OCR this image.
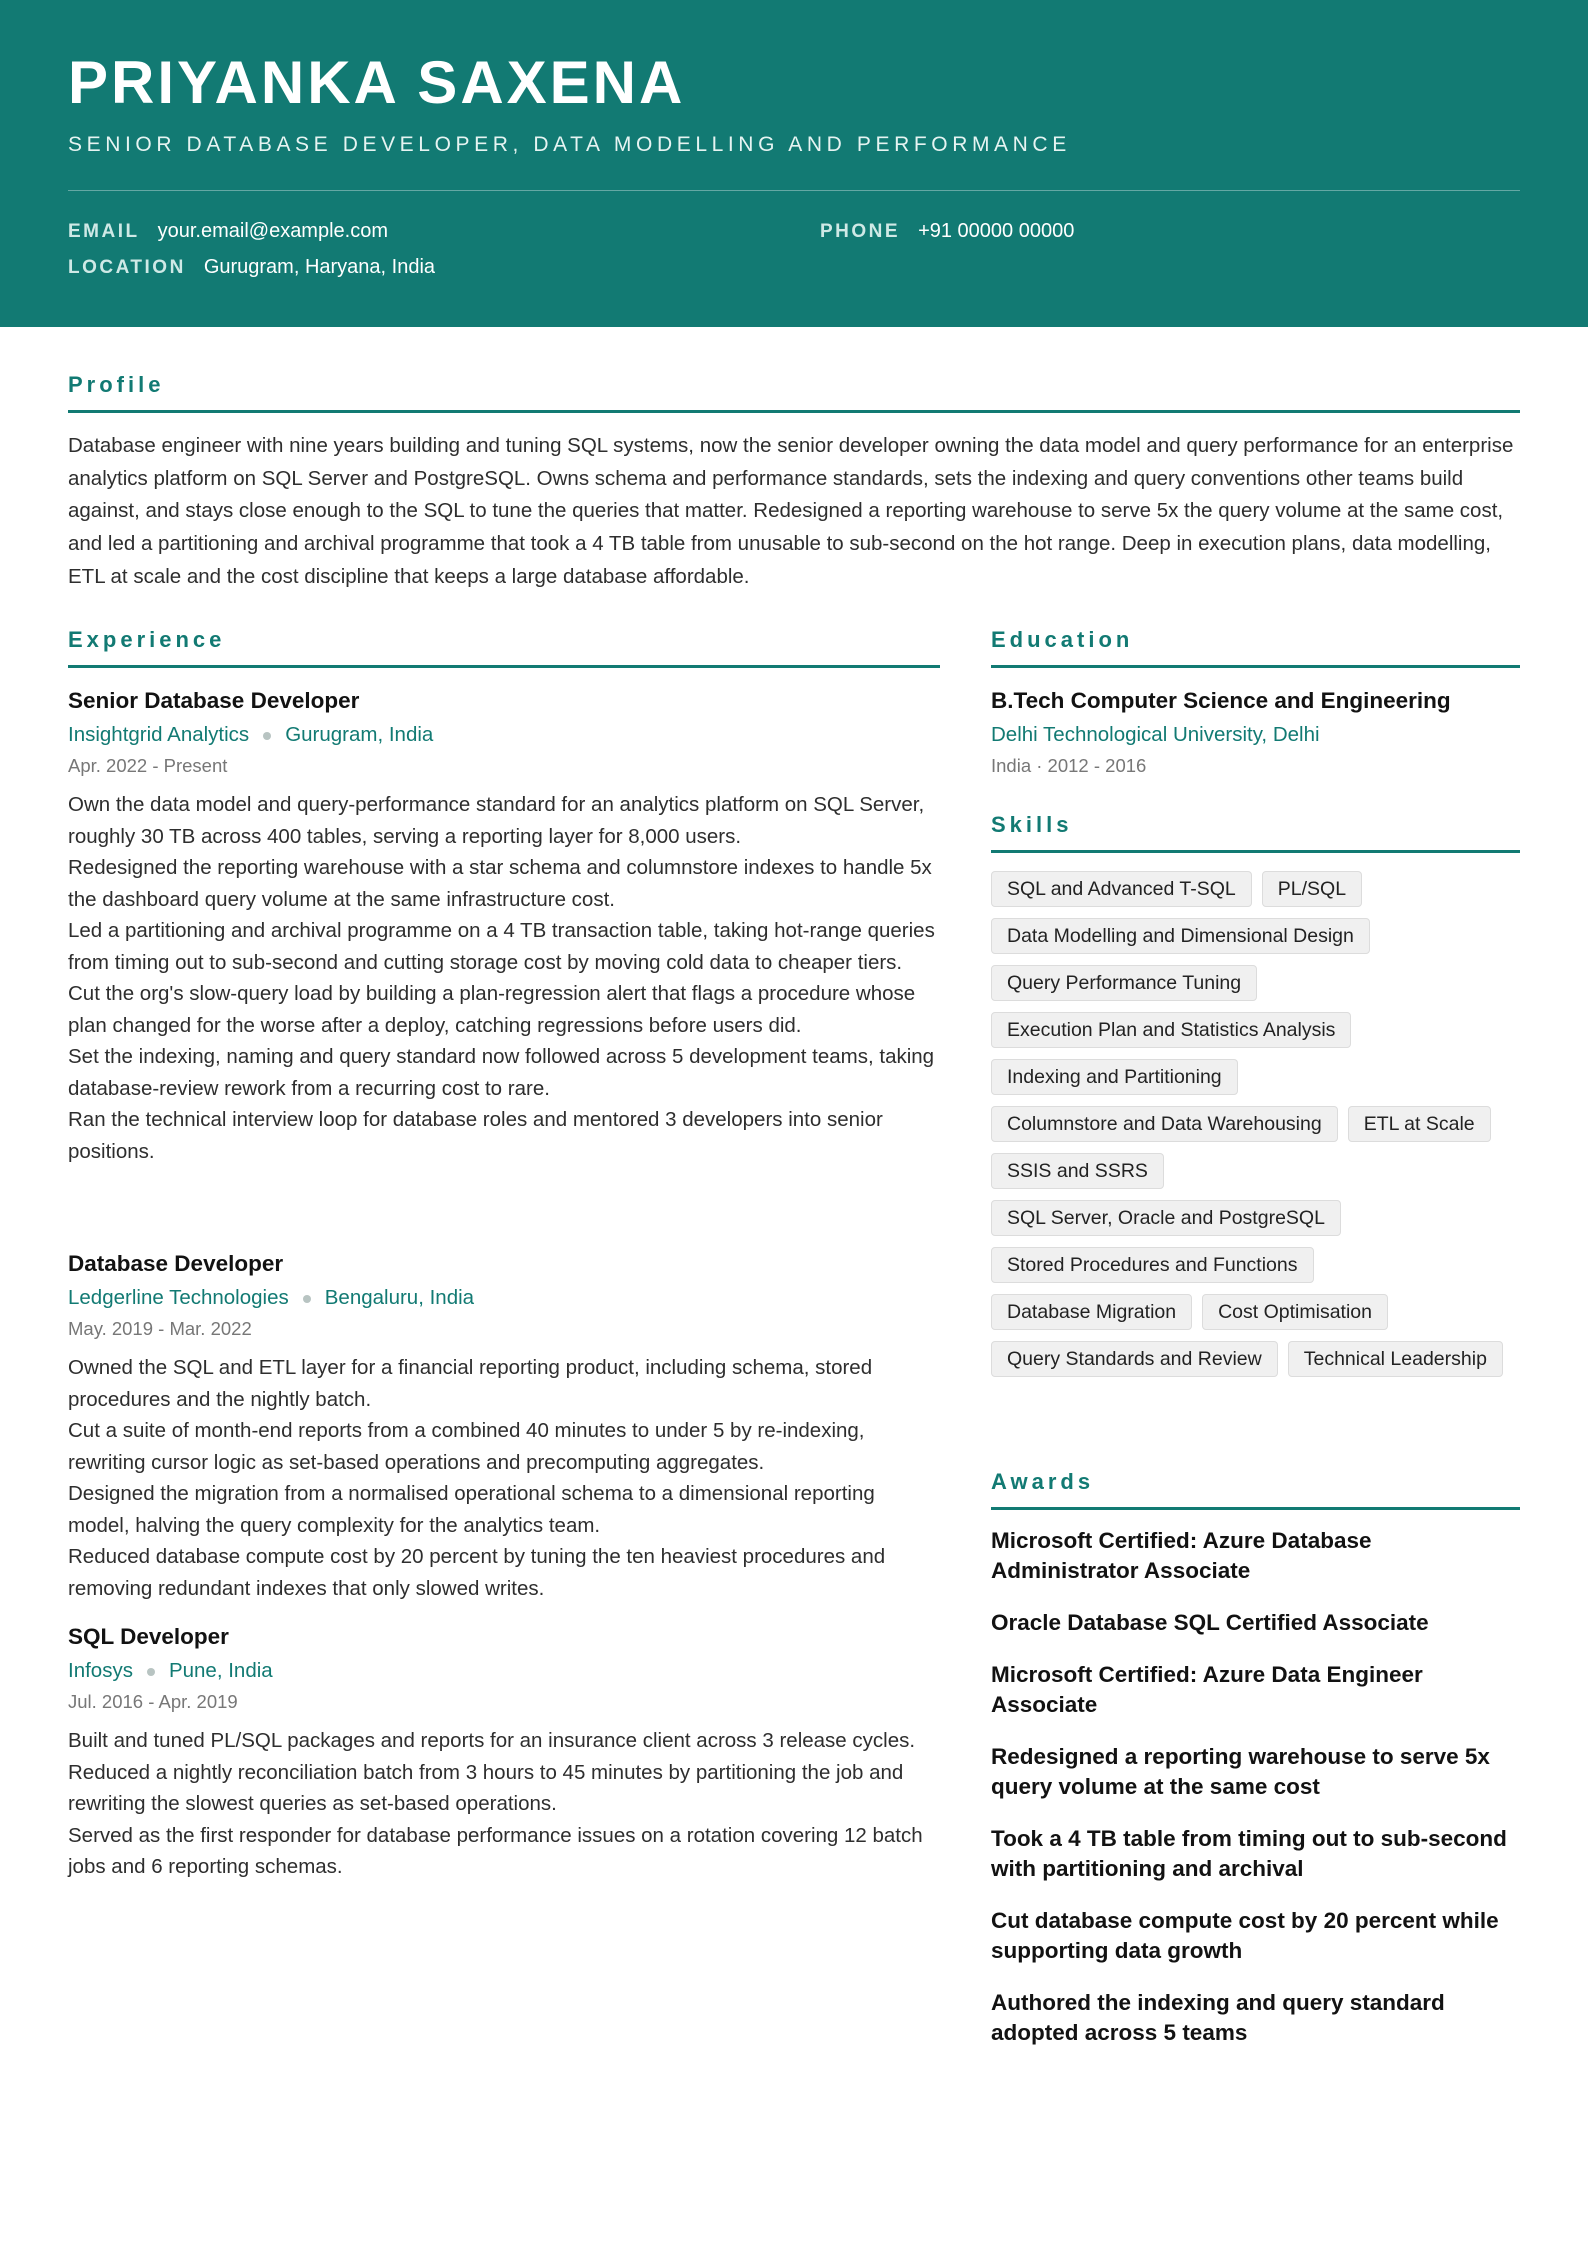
PRIYANKA SAXENA
SENIOR DATABASE DEVELOPER, DATA MODELLING AND PERFORMANCE
EMAIL your.email@example.com	PHONE +91 00000 00000
LOCATION Gurugram, Haryana, India
Profile
Database engineer with nine years building and tuning SQL systems, now the senior developer owning the data model and query performance for an enterprise analytics platform on SQL Server and PostgreSQL. Owns schema and performance standards, sets the indexing and query conventions other teams build against, and stays close enough to the SQL to tune the queries that matter. Redesigned a reporting warehouse to serve 5x the query volume at the same cost, and led a partitioning and archival programme that took a 4 TB table from unusable to sub-second on the hot range. Deep in execution plans, data modelling, ETL at scale and the cost discipline that keeps a large database affordable.
Experience
Senior Database Developer
Insightgrid Analytics Gurugram, India
Apr. 2022 - Present
Own the data model and query-performance standard for an analytics platform on SQL Server, roughly 30 TB across 400 tables, serving a reporting layer for 8,000 users.
Redesigned the reporting warehouse with a star schema and columnstore indexes to handle 5x the dashboard query volume at the same infrastructure cost.
Led a partitioning and archival programme on a 4 TB transaction table, taking hot-range queries from timing out to sub-second and cutting storage cost by moving cold data to cheaper tiers.
Cut the org's slow-query load by building a plan-regression alert that flags a procedure whose plan changed for the worse after a deploy, catching regressions before users did.
Set the indexing, naming and query standard now followed across 5 development teams, taking database-review rework from a recurring cost to rare.
Ran the technical interview loop for database roles and mentored 3 developers into senior positions.
Database Developer
Ledgerline Technologies Bengaluru, India
May. 2019 - Mar. 2022
Owned the SQL and ETL layer for a financial reporting product, including schema, stored procedures and the nightly batch.
Cut a suite of month-end reports from a combined 40 minutes to under 5 by re-indexing, rewriting cursor logic as set-based operations and precomputing aggregates.
Designed the migration from a normalised operational schema to a dimensional reporting model, halving the query complexity for the analytics team.
Reduced database compute cost by 20 percent by tuning the ten heaviest procedures and removing redundant indexes that only slowed writes.
SQL Developer
Infosys Pune, India
Jul. 2016 - Apr. 2019
Built and tuned PL/SQL packages and reports for an insurance client across 3 release cycles.
Reduced a nightly reconciliation batch from 3 hours to 45 minutes by partitioning the job and rewriting the slowest queries as set-based operations.
Served as the first responder for database performance issues on a rotation covering 12 batch jobs and 6 reporting schemas.
Education
B.Tech Computer Science and Engineering
Delhi Technological University, Delhi
India · 2012 - 2016
Skills
SQL and Advanced T-SQL	PL/SQL
Data Modelling and Dimensional Design
Query Performance Tuning
Execution Plan and Statistics Analysis
Indexing and Partitioning
Columnstore and Data Warehousing	ETL at Scale
SSIS and SSRS
SQL Server, Oracle and PostgreSQL
Stored Procedures and Functions
Database Migration	Cost Optimisation
Query Standards and Review	Technical Leadership
Awards
Microsoft Certified: Azure Database Administrator Associate
Oracle Database SQL Certified Associate
Microsoft Certified: Azure Data Engineer Associate
Redesigned a reporting warehouse to serve 5x query volume at the same cost
Took a 4 TB table from timing out to sub-second with partitioning and archival
Cut database compute cost by 20 percent while supporting data growth
Authored the indexing and query standard adopted across 5 teams
